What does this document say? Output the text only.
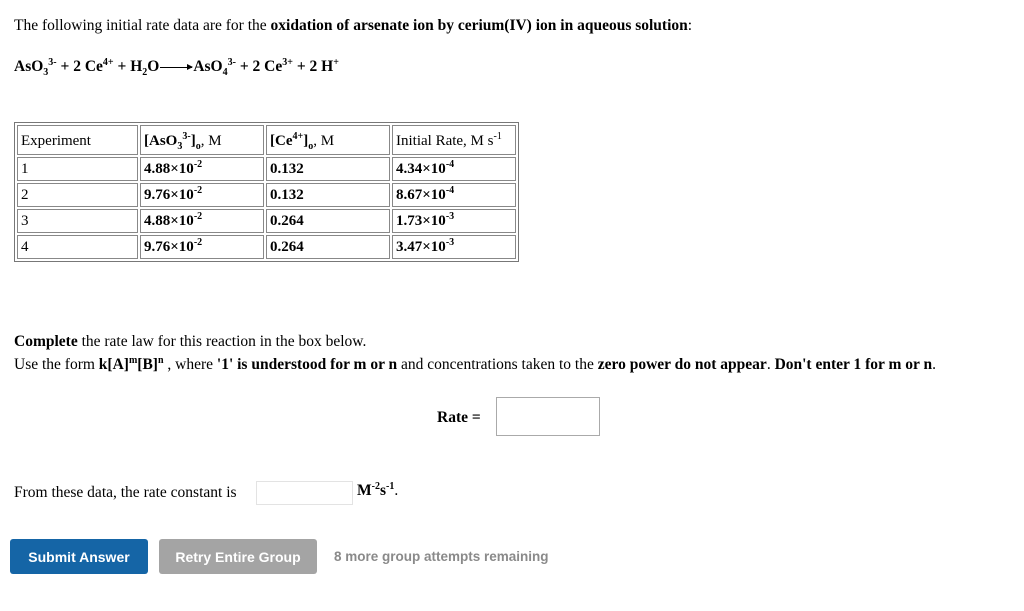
The following initial rate data are for the oxidation of arsenate ion by cerium(IV) ion in aqueous solution:
AsO$_3^{3-}$ + 2 $Ce^{4+} + H_2O\to AsO_4^{3-} + 2$ $Ce^{3+} + 2$ H+
Experiment	$[AsO_3^{3-}]_o$, M	$[Ce^{4+}]_o$, M	Initial Rate, M $s^{-1}$
1	$4.88\times 10^{-2}$	0.132	$4.34\times 10^{-4}$
2	$9.76\times 10^{-2}$	0.132	$8.67\times 10^{-4}$
3	$4.88\times 10^{-2}$	0.264	$1.73\times 10^{-3}$
4	$9.76\times 10^{-2}$	0.264	$3.47\times 10^{-3}$
Complete the rate law for this reaction in the box below.
Use the form $k[A]^m[B]^n$ , where '1' is understood for m or n and concentrations taken to the zero power do not appear. Don't enter 1 for m or n.
Rate =
From these data, the rate constant is	$M^{-2}s^{-1}$.
Submit Answer	Retry Entire Group	8 more group attempts remaining
